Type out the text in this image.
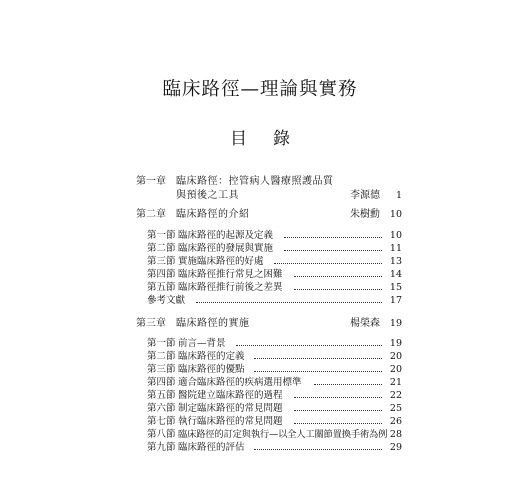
臨床路徑—理論與實務
目錄
第一章 臨床路徑：控管病人醫療照護品質
與預後之工具	李源德	1
第二章 臨床路徑的介紹	朱樹勳	10
第一節 臨床路徑的起源及定義	10
第二節 臨床路徑的發展與實施	11
第三節 實施臨床路徑的好處	13
第四節 臨床路徑推行常見之困難	14
第五節 臨床路徑推行前後之差異	15
參考文獻	17
第三章 臨床路徑的實施	楊榮森	19
第一節 前言—背景	19
第二節 臨床路徑的定義	20
第三節 臨床路徑的優點	20
第四節 適合臨床路徑的疾病選用標準	21
第五節 醫院建立臨床路徑的過程	22
第六節 制定臨床路徑的常見問題	25
第七節 執行臨床路徑的常見問題	26
第八節 臨床路徑的訂定與執行—以全人工關節置換手術為例 28
第九節 臨床路徑的評估	29
